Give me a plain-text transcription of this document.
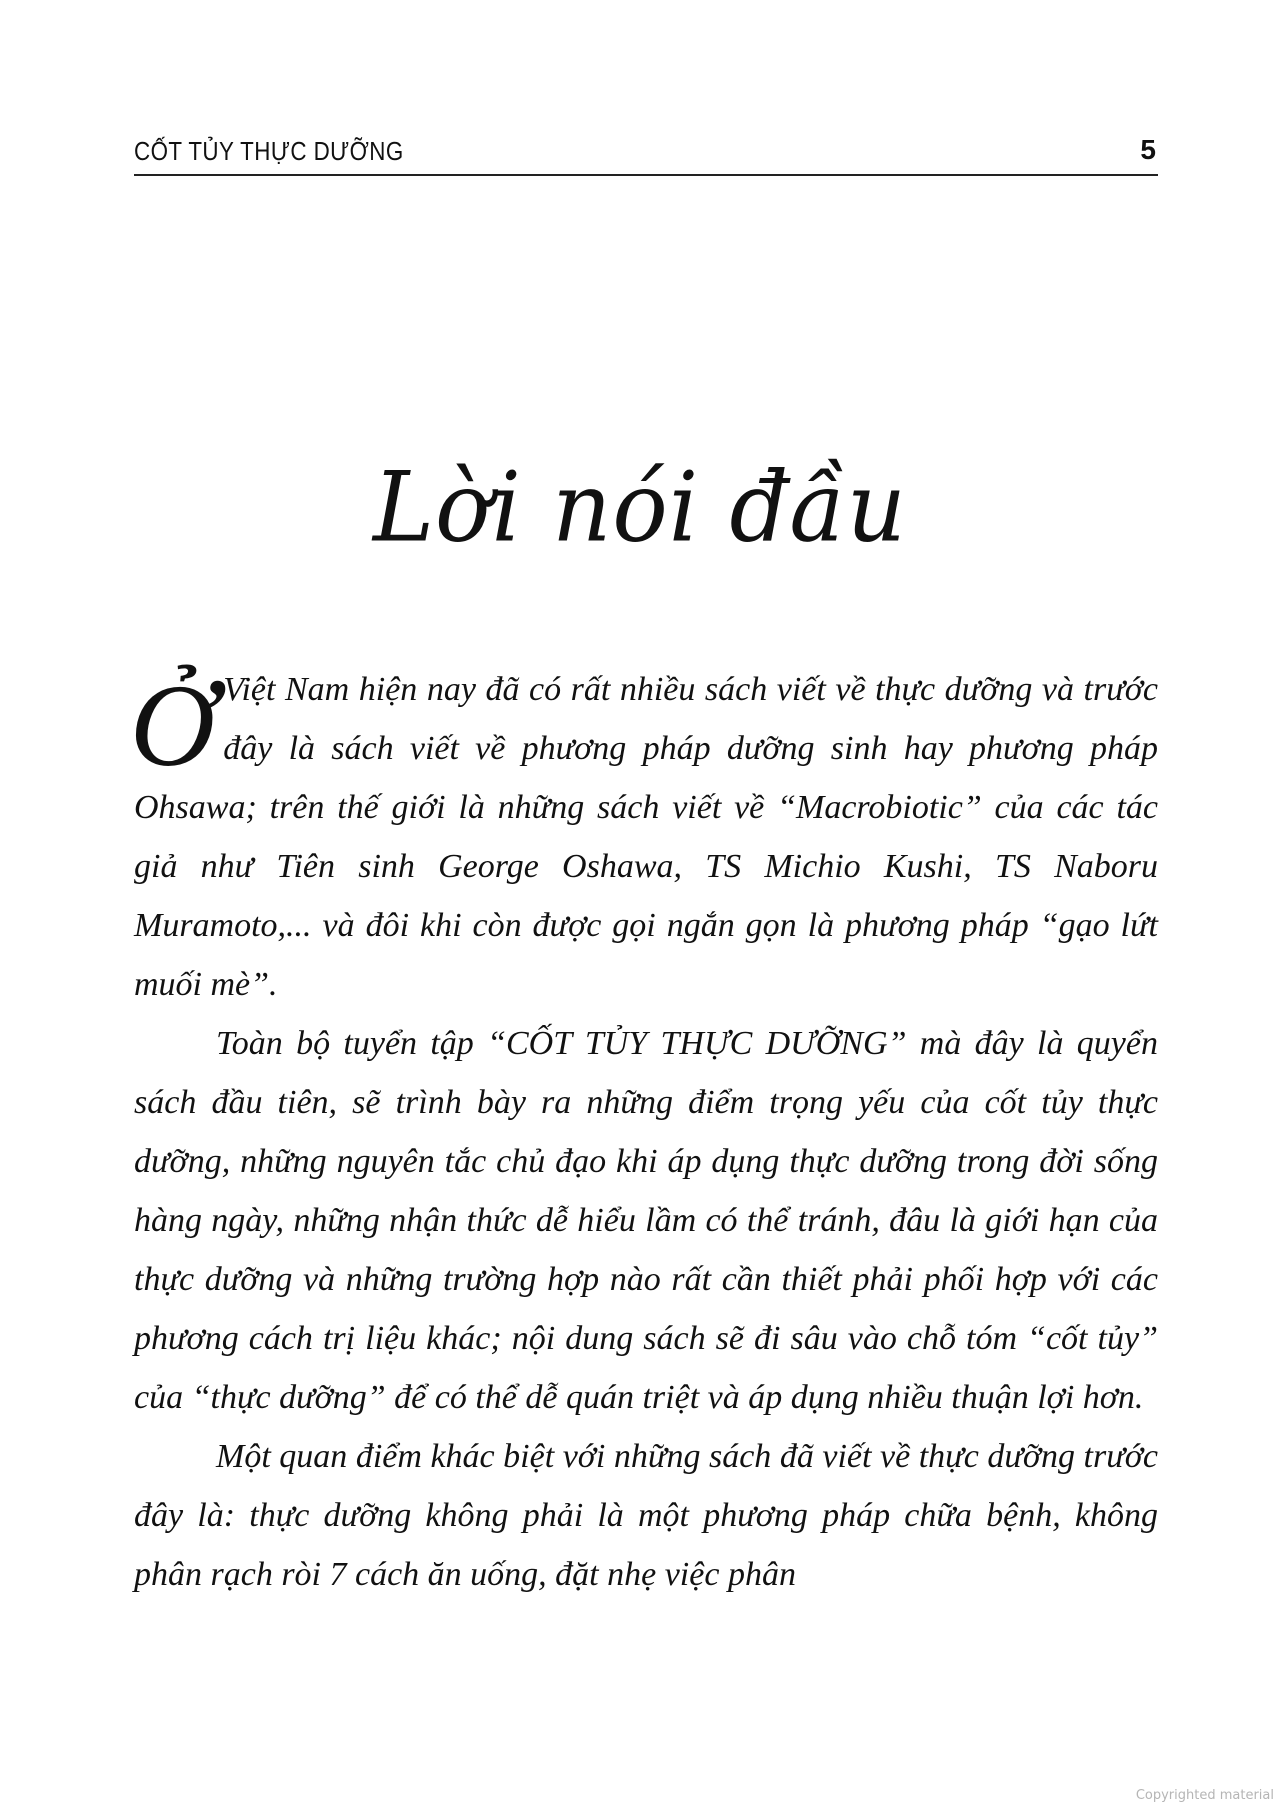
CỐT TỦY THỰC DƯỠNG	5
Lời nói đầu

Ở Việt Nam hiện nay đã có rất nhiều sách viết về thực dưỡng và trước đây là sách viết về phương pháp dưỡng sinh hay phương pháp Ohsawa; trên thế giới là những sách viết về “Macrobiotic” của các tác giả như Tiên sinh George Oshawa, TS Michio Kushi, TS Naboru Muramoto,... và đôi khi còn được gọi ngắn gọn là phương pháp “gạo lứt muối mè”.

Toàn bộ tuyển tập “CỐT TỦY THỰC DƯỠNG” mà đây là quyển sách đầu tiên, sẽ trình bày ra những điểm trọng yếu của cốt tủy thực dưỡng, những nguyên tắc chủ đạo khi áp dụng thực dưỡng trong đời sống hàng ngày, những nhận thức dễ hiểu lầm có thể tránh, đâu là giới hạn của thực dưỡng và những trường hợp nào rất cần thiết phải phối hợp với các phương cách trị liệu khác; nội dung sách sẽ đi sâu vào chỗ tóm “cốt tủy” của “thực dưỡng” để có thể dễ quán triệt và áp dụng nhiều thuận lợi hơn.

Một quan điểm khác biệt với những sách đã viết về thực dưỡng trước đây là: thực dưỡng không phải là một phương pháp chữa bệnh, không phân rạch ròi 7 cách ăn uống, đặt nhẹ việc phân

Copyrighted material
